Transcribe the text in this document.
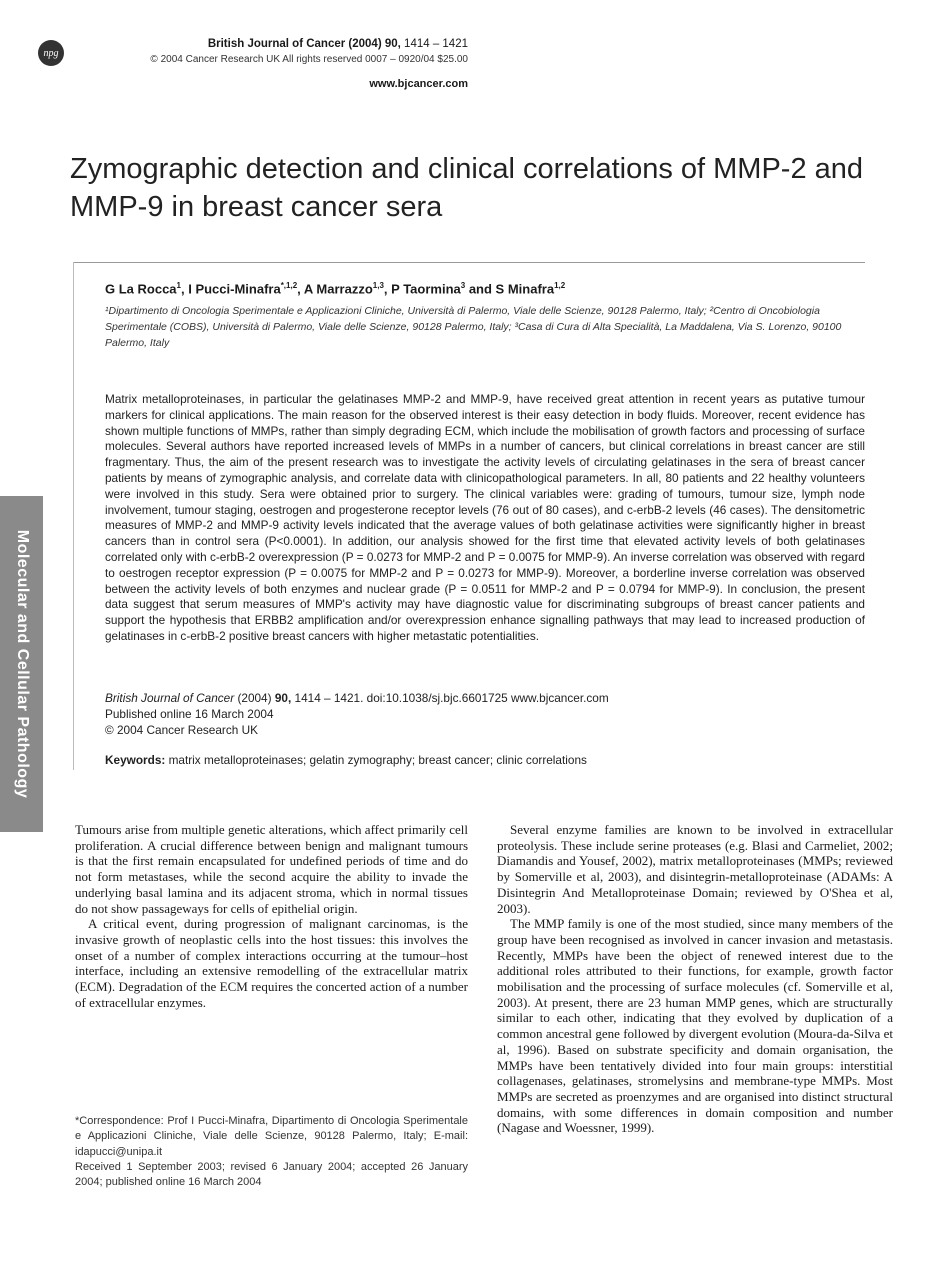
npg
British Journal of Cancer (2004) 90, 1414 – 1421
© 2004 Cancer Research UK All rights reserved 0007 – 0920/04 $25.00
www.bjcancer.com
Zymographic detection and clinical correlations of MMP-2 and MMP-9 in breast cancer sera
G La Rocca$^1$, I Pucci-Minafra$^{*,1,2}$, A Marrazzo$^{1,3}$, P Taormina$^3$ and S Minafra$^{1,2}$
¹Dipartimento di Oncologia Sperimentale e Applicazioni Cliniche, Università di Palermo, Viale delle Scienze, 90128 Palermo, Italy; ²Centro di Oncobiologia Sperimentale (COBS), Università di Palermo, Viale delle Scienze, 90128 Palermo, Italy; ³Casa di Cura di Alta Specialità, La Maddalena, Via S. Lorenzo, 90100 Palermo, Italy

Matrix metalloproteinases, in particular the gelatinases MMP-2 and MMP-9, have received great attention in recent years as putative tumour markers for clinical applications. The main reason for the observed interest is their easy detection in body fluids. Moreover, recent evidence has shown multiple functions of MMPs, rather than simply degrading ECM, which include the mobilisation of growth factors and processing of surface molecules. Several authors have reported increased levels of MMPs in a number of cancers, but clinical correlations in breast cancer are still fragmentary. Thus, the aim of the present research was to investigate the activity levels of circulating gelatinases in the sera of breast cancer patients by means of zymographic analysis, and correlate data with clinicopathological parameters. In all, 80 patients and 22 healthy volunteers were involved in this study. Sera were obtained prior to surgery. The clinical variables were: grading of tumours, tumour size, lymph node involvement, tumour staging, oestrogen and progesterone receptor levels (76 out of 80 cases), and c-erbB-2 levels (46 cases). The densitometric measures of MMP-2 and MMP-9 activity levels indicated that the average values of both gelatinase activities were significantly higher in breast cancers than in control sera (P<0.0001). In addition, our analysis showed for the first time that elevated activity levels of both gelatinases correlated only with c-erbB-2 overexpression (P = 0.0273 for MMP-2 and P = 0.0075 for MMP-9). An inverse correlation was observed with regard to oestrogen receptor expression (P = 0.0075 for MMP-2 and P = 0.0273 for MMP-9). Moreover, a borderline inverse correlation was observed between the activity levels of both enzymes and nuclear grade (P = 0.0511 for MMP-2 and P = 0.0794 for MMP-9). In conclusion, the present data suggest that serum measures of MMP's activity may have diagnostic value for discriminating subgroups of breast cancer patients and support the hypothesis that ERBB2 amplification and/or overexpression enhance signalling pathways that may lead to increased production of gelatinases in c-erbB-2 positive breast cancers with higher metastatic potentialities.

British Journal of Cancer (2004) 90, 1414 – 1421. doi:10.1038/sj.bjc.6601725 www.bjcancer.com
Published online 16 March 2004
© 2004 Cancer Research UK
Keywords: matrix metalloproteinases; gelatin zymography; breast cancer; clinic correlations
Molecular and Cellular Pathology

Tumours arise from multiple genetic alterations, which affect primarily cell proliferation. A crucial difference between benign and malignant tumours is that the first remain encapsulated for undefined periods of time and do not form metastases, while the second acquire the ability to invade the underlying basal lamina and its adjacent stroma, which in normal tissues do not show passageways for cells of epithelial origin.

A critical event, during progression of malignant carcinomas, is the invasive growth of neoplastic cells into the host tissues: this involves the onset of a number of complex interactions occurring at the tumour–host interface, including an extensive remodelling of the extracellular matrix (ECM). Degradation of the ECM requires the concerted action of a number of extracellular enzymes.

Several enzyme families are known to be involved in extracellular proteolysis. These include serine proteases (e.g. Blasi and Carmeliet, 2002; Diamandis and Yousef, 2002), matrix metalloproteinases (MMPs; reviewed by Somerville et al, 2003), and disintegrin-metalloproteinase (ADAMs: A Disintegrin And Metalloproteinase Domain; reviewed by O'Shea et al, 2003).

The MMP family is one of the most studied, since many members of the group have been recognised as involved in cancer invasion and metastasis. Recently, MMPs have been the object of renewed interest due to the additional roles attributed to their functions, for example, growth factor mobilisation and the processing of surface molecules (cf. Somerville et al, 2003). At present, there are 23 human MMP genes, which are structurally similar to each other, indicating that they evolved by duplication of a common ancestral gene followed by divergent evolution (Moura-da-Silva et al, 1996). Based on substrate specificity and domain organisation, the MMPs have been tentatively divided into four main groups: interstitial collagenases, gelatinases, stromelysins and membrane-type MMPs. Most MMPs are secreted as proenzymes and are organised into distinct structural domains, with some differences in domain composition and number (Nagase and Woessner, 1999).

*Correspondence: Prof I Pucci-Minafra, Dipartimento di Oncologia Sperimentale e Applicazioni Cliniche, Viale delle Scienze, 90128 Palermo, Italy; E-mail: idapucci@unipa.it

Received 1 September 2003; revised 6 January 2004; accepted 26 January 2004; published online 16 March 2004
